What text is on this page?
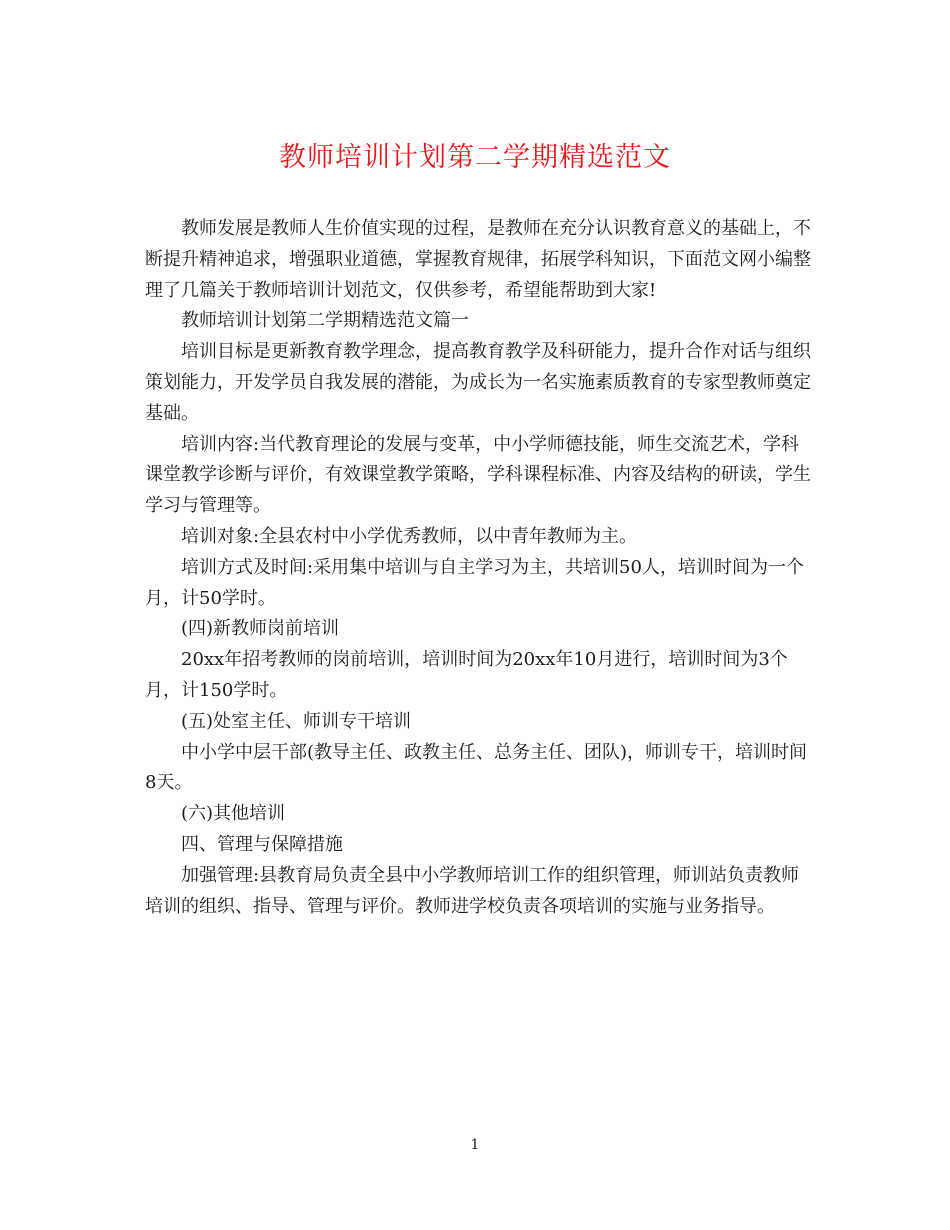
教师培训计划第二学期精选范文

教师发展是教师人生价值实现的过程，是教师在充分认识教育意义的基础上，不断提升精神追求，增强职业道德，掌握教育规律，拓展学科知识，下面范文网小编整理了几篇关于教师培训计划范文，仅供参考，希望能帮助到大家!

教师培训计划第二学期精选范文篇一

培训目标是更新教育教学理念，提高教育教学及科研能力，提升合作对话与组织策划能力，开发学员自我发展的潜能，为成长为一名实施素质教育的专家型教师奠定基础。

培训内容:当代教育理论的发展与变革，中小学师德技能，师生交流艺术，学科课堂教学诊断与评价，有效课堂教学策略，学科课程标准、内容及结构的研读，学生学习与管理等。

培训对象:全县农村中小学优秀教师，以中青年教师为主。

培训方式及时间:采用集中培训与自主学习为主，共培训50人，培训时间为一个月，计50学时。

(四)新教师岗前培训

20xx年招考教师的岗前培训，培训时间为20xx年10月进行，培训时间为3个月，计150学时。

(五)处室主任、师训专干培训

中小学中层干部(教导主任、政教主任、总务主任、团队)，师训专干，培训时间8天。

(六)其他培训

四、管理与保障措施

加强管理:县教育局负责全县中小学教师培训工作的组织管理，师训站负责教师培训的组织、指导、管理与评价。教师进学校负责各项培训的实施与业务指导。

1
